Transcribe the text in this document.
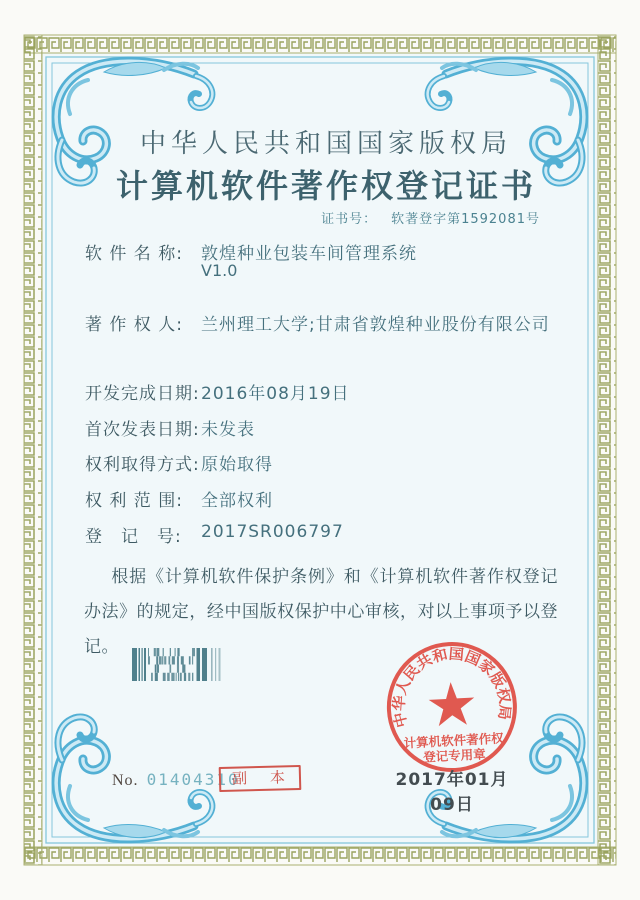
中华人民共和国国家版权局
计算机软件著作权登记证书
证书号： 软著登字第1592081号
软 件 名 称:	敦煌种业包装车间管理系统
V1.0
著 作 权 人:	兰州理工大学;甘肃省敦煌种业股份有限公司
开发完成日期: 2016年08月19日
首次发表日期: 未发表
权利取得方式: 原始取得
权 利 范 围:	全部权利
登　记　号:	2017SR006797
根据《计算机软件保护条例》和《计算机软件著作权登记办法》的规定，经中国版权保护中心审核，对以上事项予以登记。
中华人民共和国国家版权局
计算机软件著作权
登记专用章
2017年01月09日
No. 01404310
副 本
